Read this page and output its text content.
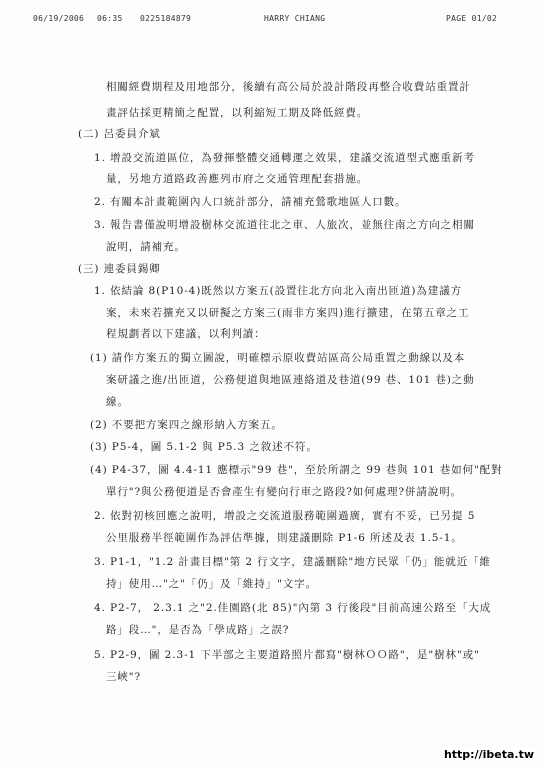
06/19/2006 06:35 0225184879	HARRY CHIANG	PAGE 01/02
相關經費期程及用地部分，後續有高公局於設計階段再整合收費站重置計
畫評估採更精簡之配置，以利縮短工期及降低經費。
(二) 呂委員介斌
1. 增設交流道區位，為發揮整體交通轉運之效果，建議交流道型式應重新考
量，另地方道路政善應列市府之交通管理配套措施。
2. 有關本計畫範圍內人口統計部分，請補充鶯歌地區人口數。
3. 報告書僅說明增設樹林交流道往北之車、人旅次，並無往南之方向之相關
說明，請補充。
(三) 連委員錫卿
1. 依結論 8(P10-4)既然以方案五(設置往北方向北入南出匝道)為建議方
案，未來若擴充又以研擬之方案三(雨非方案四)進行擴建，在第五章之工
程規劃者以下建議，以利判讀：
(1) 請作方案五的獨立圖說，明確標示原收費站區高公局重置之動線以及本
案研議之進/出匝道，公務便道與地區連絡道及巷道(99 巷、101 巷)之動
線。
(2) 不要把方案四之線形納入方案五。
(3) P5-4，圖 5.1-2 與 P5.3 之敘述不符。
(4) P4-37，圖 4.4-11 應標示"99 巷"，至於所謂之 99 巷與 101 巷如何"配對
單行"?與公務便道是否會產生有變向行車之路段?如何處理?併請說明。
2. 依對初核回應之說明，增設之交流道服務範圍過廣，實有不妥，已另提 5
公里服務半徑範圍作為評估準據，則建議刪除 P1-6 所述及表 1.5-1。
3. P1-1，"1.2 計畫目標"第 2 行文字，建議刪除"地方民眾「仍」能就近「維
持」使用…"之"「仍」及「維持」"文字。
4. P2-7， 2.3.1 之"2.佳園路(北 85)"內第 3 行後段"目前高速公路至「大成
路」段…"，是否為「學成路」之誤?
5. P2-9，圖 2.3-1 下半部之主要道路照片都寫"樹林ＯＯ路"，是"樹林"或"
三峽"?
http://ibeta.tw
